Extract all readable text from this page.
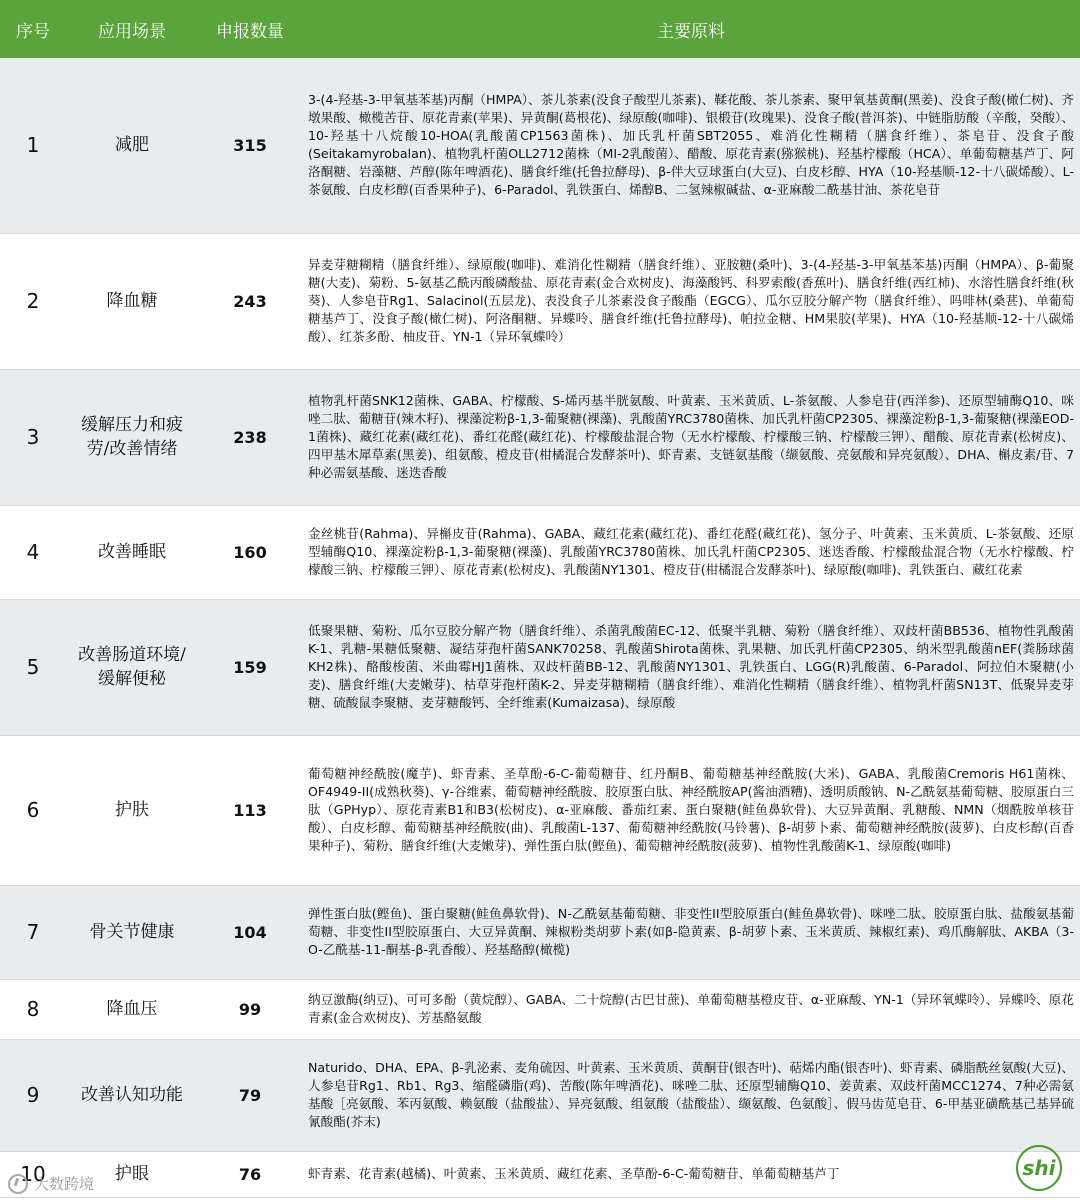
序号	应用场景	申报数量	主要原料
1	减肥	315	3-(4-羟基-3-甲氧基苯基)丙酮（HMPA）、茶儿茶素(没食子酸型儿茶素)、鞣花酸、茶儿茶素、聚甲氧基黄酮(黑姜)、没食子酸(橄仁树)、齐墩果酸、橄榄苦苷、原花青素(苹果)、异黄酮(葛根花)、绿原酸(咖啡)、银椴苷(玫瑰果)、没食子酸(普洱茶)、中链脂肪酸（辛酸，癸酸）、10-羟基十八烷酸10-HOA(乳酸菌CP1563菌株)、加氏乳杆菌SBT2055、难消化性糊精（膳食纤维）、茶皂苷、没食子酸(Seitakamyrobalan)、植物乳杆菌OLL2712菌株（MI-2乳酸菌）、醋酸、原花青素(猕猴桃)、羟基柠檬酸（HCA）、单葡萄糖基芦丁、阿洛酮糖、岩藻糖、芦醇(陈年啤酒花)、膳食纤维(托鲁拉酵母)、β-伴大豆球蛋白(大豆)、白皮杉醇、HYA（10-羟基顺-12-十八碳烯酸）、L-茶氨酸、白皮杉醇(百香果种子)、6-Paradol、乳铁蛋白、烯醇B、二氢辣椒碱盐、α-亚麻酸二酰基甘油、茶花皂苷
2	降血糖	243	异麦芽糖糊精（膳食纤维）、绿原酸(咖啡)、难消化性糊精（膳食纤维）、亚胺糖(桑叶)、3-(4-羟基-3-甲氧基苯基)丙酮（HMPA）、β-葡聚糖(大麦)、菊粉、5-氨基乙酰丙酸磷酸盐、原花青素(金合欢树皮)、海藻酸钙、科罗索酸(香蕉叶)、膳食纤维(西红柿)、水溶性膳食纤维(秋葵)、人参皂苷Rg1、Salacinol(五层龙)、表没食子儿茶素没食子酸酯（EGCG）、瓜尔豆胶分解产物（膳食纤维）、吗啡林(桑葚)、单葡萄糖基芦丁、没食子酸(橄仁树)、阿洛酮糖、异蝶呤、膳食纤维(托鲁拉酵母)、帕拉金糖、HM果胶(苹果)、HYA（10-羟基顺-12-十八碳烯酸）、红茶多酚、柚皮苷、YN-1（异环氧蝶呤）
3	缓解压力和疲劳/改善情绪	238	植物乳杆菌SNK12菌株、GABA、柠檬酸、S-烯丙基半胱氨酸、叶黄素、玉米黄质、L-茶氨酸、人参皂苷(西洋参)、还原型辅酶Q10、咪唑二肽、葡糖苷(辣木籽)、裸藻淀粉β-1,3-葡聚糖(裸藻)、乳酸菌YRC3780菌株、加氏乳杆菌CP2305、裸藻淀粉β-1,3-葡聚糖(裸藻EOD-1菌株)、藏红花素(藏红花)、番红花醛(藏红花)、柠檬酸盐混合物（无水柠檬酸、柠檬酸三钠、柠檬酸三钾）、醋酸、原花青素(松树皮)、四甲基木犀草素(黑姜)、组氨酸、橙皮苷(柑橘混合发酵茶叶)、虾青素、支链氨基酸（缬氨酸、亮氨酸和异亮氨酸）、DHA、槲皮素/苷、7种必需氨基酸、迷迭香酸
4	改善睡眠	160	金丝桃苷(Rahma)、异槲皮苷(Rahma)、GABA、藏红花素(藏红花)、番红花醛(藏红花)、氢分子、叶黄素、玉米黄质、L-茶氨酸、还原型辅酶Q10、裸藻淀粉β-1,3-葡聚糖(裸藻)、乳酸菌YRC3780菌株、加氏乳杆菌CP2305、迷迭香酸、柠檬酸盐混合物（无水柠檬酸、柠檬酸三钠、柠檬酸三钾）、原花青素(松树皮)、乳酸菌NY1301、橙皮苷(柑橘混合发酵茶叶)、绿原酸(咖啡)、乳铁蛋白、藏红花素
5	改善肠道环境/缓解便秘	159	低聚果糖、菊粉、瓜尔豆胶分解产物（膳食纤维）、杀菌乳酸菌EC-12、低聚半乳糖、菊粉（膳食纤维）、双歧杆菌BB536、植物性乳酸菌K-1、乳糖-果糖低聚糖、凝结芽孢杆菌SANK70258、乳酸菌Shirota菌株、乳果糖、加氏乳杆菌CP2305、纳米型乳酸菌nEF(粪肠球菌KH2株)、酪酸梭菌、米曲霉HJ1菌株、双歧杆菌BB-12、乳酸菌NY1301、乳铁蛋白、LGG(R)乳酸菌、6-Paradol、阿拉伯木聚糖(小麦)、膳食纤维(大麦嫩芽)、枯草芽孢杆菌K-2、异麦芽糖糊精（膳食纤维）、难消化性糊精（膳食纤维）、植物乳杆菌SN13T、低聚异麦芽糖、硫酸鼠李聚糖、麦芽糖酸钙、全纤维素(Kumaizasa)、绿原酸
6	护肤	113	葡萄糖神经酰胺(魔芋)、虾青素、圣草酚-6-C-葡萄糖苷、红丹酮B、葡萄糖基神经酰胺(大米)、GABA、乳酸菌Cremoris H61菌株、OF4949-II(成熟秋葵)、γ-谷维素、葡萄糖神经酰胺、胶原蛋白肽、神经酰胺AP(酱油酒糟)、透明质酸钠、N-乙酰氨基葡萄糖、胶原蛋白三肽（GPHyp）、原花青素B1和B3(松树皮)、α-亚麻酸、番茄红素、蛋白聚糖(鲑鱼鼻软骨)、大豆异黄酮、乳糖酸、NMN（烟酰胺单核苷酸）、白皮杉醇、葡萄糖基神经酰胺(曲)、乳酸菌L-137、葡萄糖神经酰胺(马铃薯)、β-胡萝卜素、葡萄糖神经酰胺(菠萝)、白皮杉醇(百香果种子)、菊粉、膳食纤维(大麦嫩芽)、弹性蛋白肽(鲣鱼)、葡萄糖神经酰胺(菠萝)、植物性乳酸菌K-1、绿原酸(咖啡)
7	骨关节健康	104	弹性蛋白肽(鲣鱼)、蛋白聚糖(鲑鱼鼻软骨)、N-乙酰氨基葡萄糖、非变性II型胶原蛋白(鲑鱼鼻软骨)、咪唑二肽、胶原蛋白肽、盐酸氨基葡萄糖、非变性II型胶原蛋白、大豆异黄酮、辣椒粉类胡萝卜素(如β-隐黄素、β-胡萝卜素、玉米黄质、辣椒红素)、鸡爪酶解肽、AKBA（3-O-乙酰基-11-酮基-β-乳香酸）、羟基酪醇(橄榄)
8	降血压	99	纳豆激酶(纳豆)、可可多酚（黄烷醇）、GABA、二十烷醇(古巴甘蔗)、单葡萄糖基橙皮苷、α-亚麻酸、YN-1（异环氧蝶呤）、异蝶呤、原花青素(金合欢树皮)、芳基酪氨酸
9	改善认知功能	79	Naturido、DHA、EPA、β-乳泌素、麦角硫因、叶黄素、玉米黄质、黄酮苷(银杏叶)、萜烯内酯(银杏叶)、虾青素、磷脂酰丝氨酸(大豆)、人参皂苷Rg1、Rb1、Rg3、缩醛磷脂(鸡)、苦酸(陈年啤酒花)、咪唑二肽、还原型辅酶Q10、姜黄素、双歧杆菌MCC1274、7种必需氨基酸［亮氨酸、苯丙氨酸、赖氨酸（盐酸盐）、异亮氨酸、组氨酸（盐酸盐）、缬氨酸、色氨酸］、假马齿苋皂苷、6-甲基亚磺酰基己基异硫氰酸酯(芥末)
10	护眼	76	虾青素、花青素(越橘)、叶黄素、玉米黄质、藏红花素、圣草酚-6-C-葡萄糖苷、单葡萄糖基芦丁
大数跨境
shi
